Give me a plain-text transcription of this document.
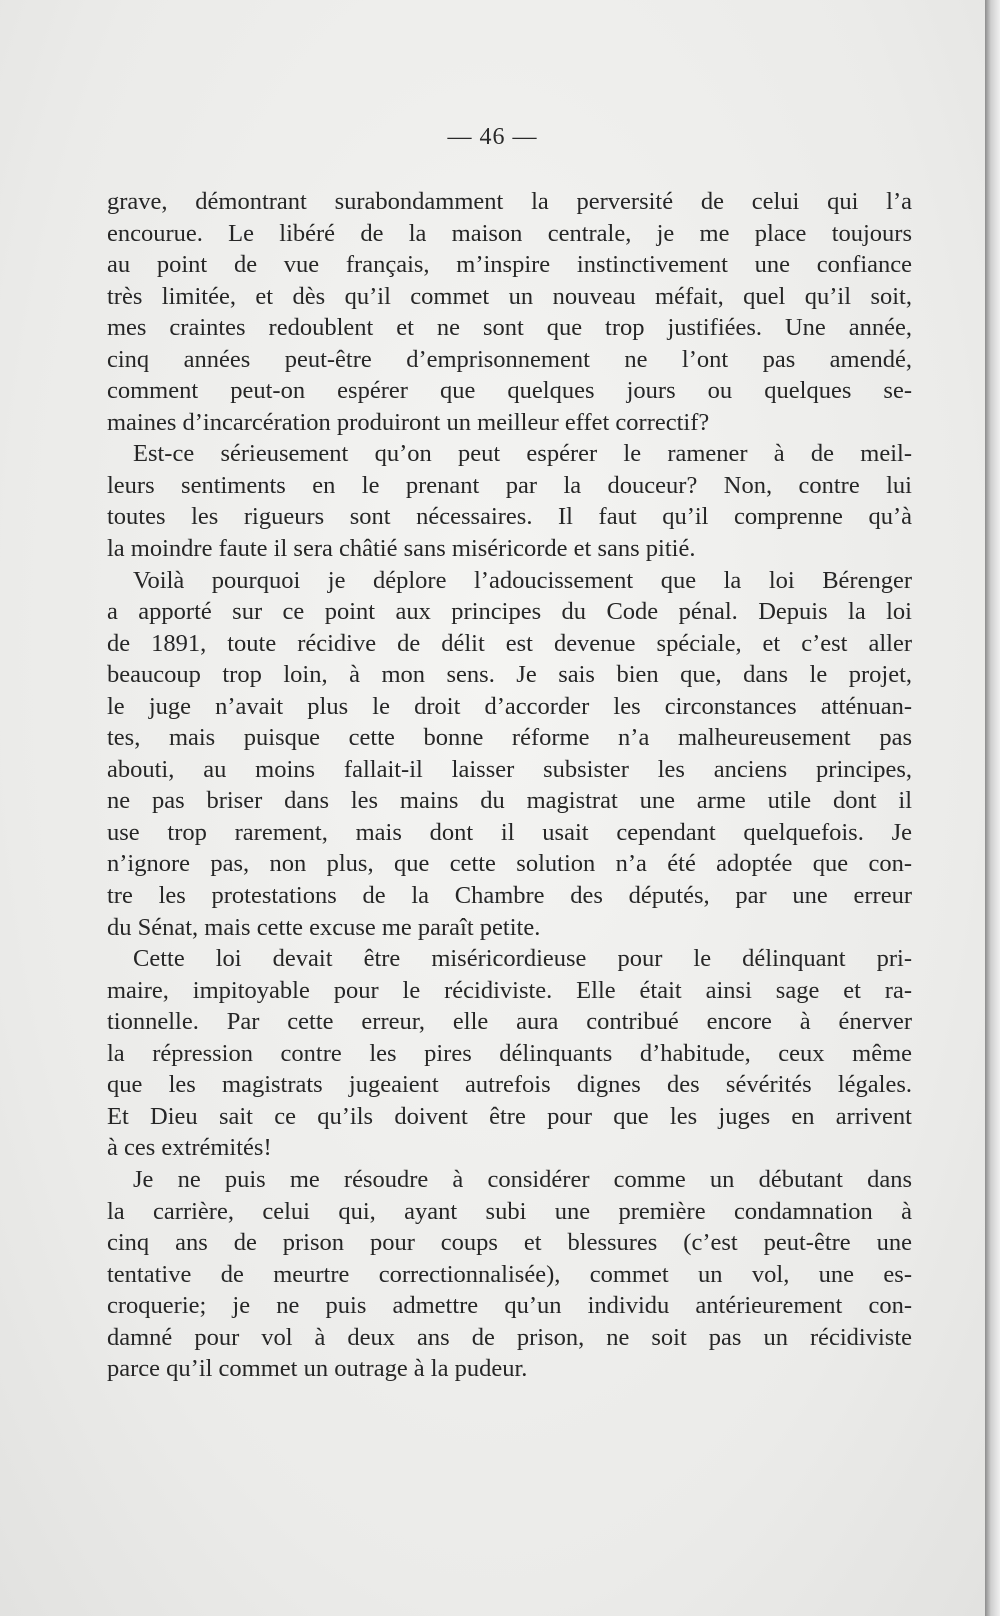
— 46 —
grave, démontrant surabondamment la perversité de celui qui l’a
encourue. Le libéré de la maison centrale, je me place toujours
au point de vue français, m’inspire instinctivement une confiance
très limitée, et dès qu’il commet un nouveau méfait, quel qu’il soit,
mes craintes redoublent et ne sont que trop justifiées. Une année,
cinq années peut-être d’emprisonnement ne l’ont pas amendé,
comment peut-on espérer que quelques jours ou quelques se-
maines d’incarcération produiront un meilleur effet correctif?
Est-ce sérieusement qu’on peut espérer le ramener à de meil-
leurs sentiments en le prenant par la douceur? Non, contre lui
toutes les rigueurs sont nécessaires. Il faut qu’il comprenne qu’à
la moindre faute il sera châtié sans miséricorde et sans pitié.
Voilà pourquoi je déplore l’adoucissement que la loi Bérenger
a apporté sur ce point aux principes du Code pénal. Depuis la loi
de 1891, toute récidive de délit est devenue spéciale, et c’est aller
beaucoup trop loin, à mon sens. Je sais bien que, dans le projet,
le juge n’avait plus le droit d’accorder les circonstances atténuan-
tes, mais puisque cette bonne réforme n’a malheureusement pas
abouti, au moins fallait-il laisser subsister les anciens principes,
ne pas briser dans les mains du magistrat une arme utile dont il
use trop rarement, mais dont il usait cependant quelquefois. Je
n’ignore pas, non plus, que cette solution n’a été adoptée que con-
tre les protestations de la Chambre des députés, par une erreur
du Sénat, mais cette excuse me paraît petite.
Cette loi devait être miséricordieuse pour le délinquant pri-
maire, impitoyable pour le récidiviste. Elle était ainsi sage et ra-
tionnelle. Par cette erreur, elle aura contribué encore à énerver
la répression contre les pires délinquants d’habitude, ceux même
que les magistrats jugeaient autrefois dignes des sévérités légales.
Et Dieu sait ce qu’ils doivent être pour que les juges en arrivent
à ces extrémités!
Je ne puis me résoudre à considérer comme un débutant dans
la carrière, celui qui, ayant subi une première condamnation à
cinq ans de prison pour coups et blessures (c’est peut-être une
tentative de meurtre correctionnalisée), commet un vol, une es-
croquerie; je ne puis admettre qu’un individu antérieurement con-
damné pour vol à deux ans de prison, ne soit pas un récidiviste
parce qu’il commet un outrage à la pudeur.
